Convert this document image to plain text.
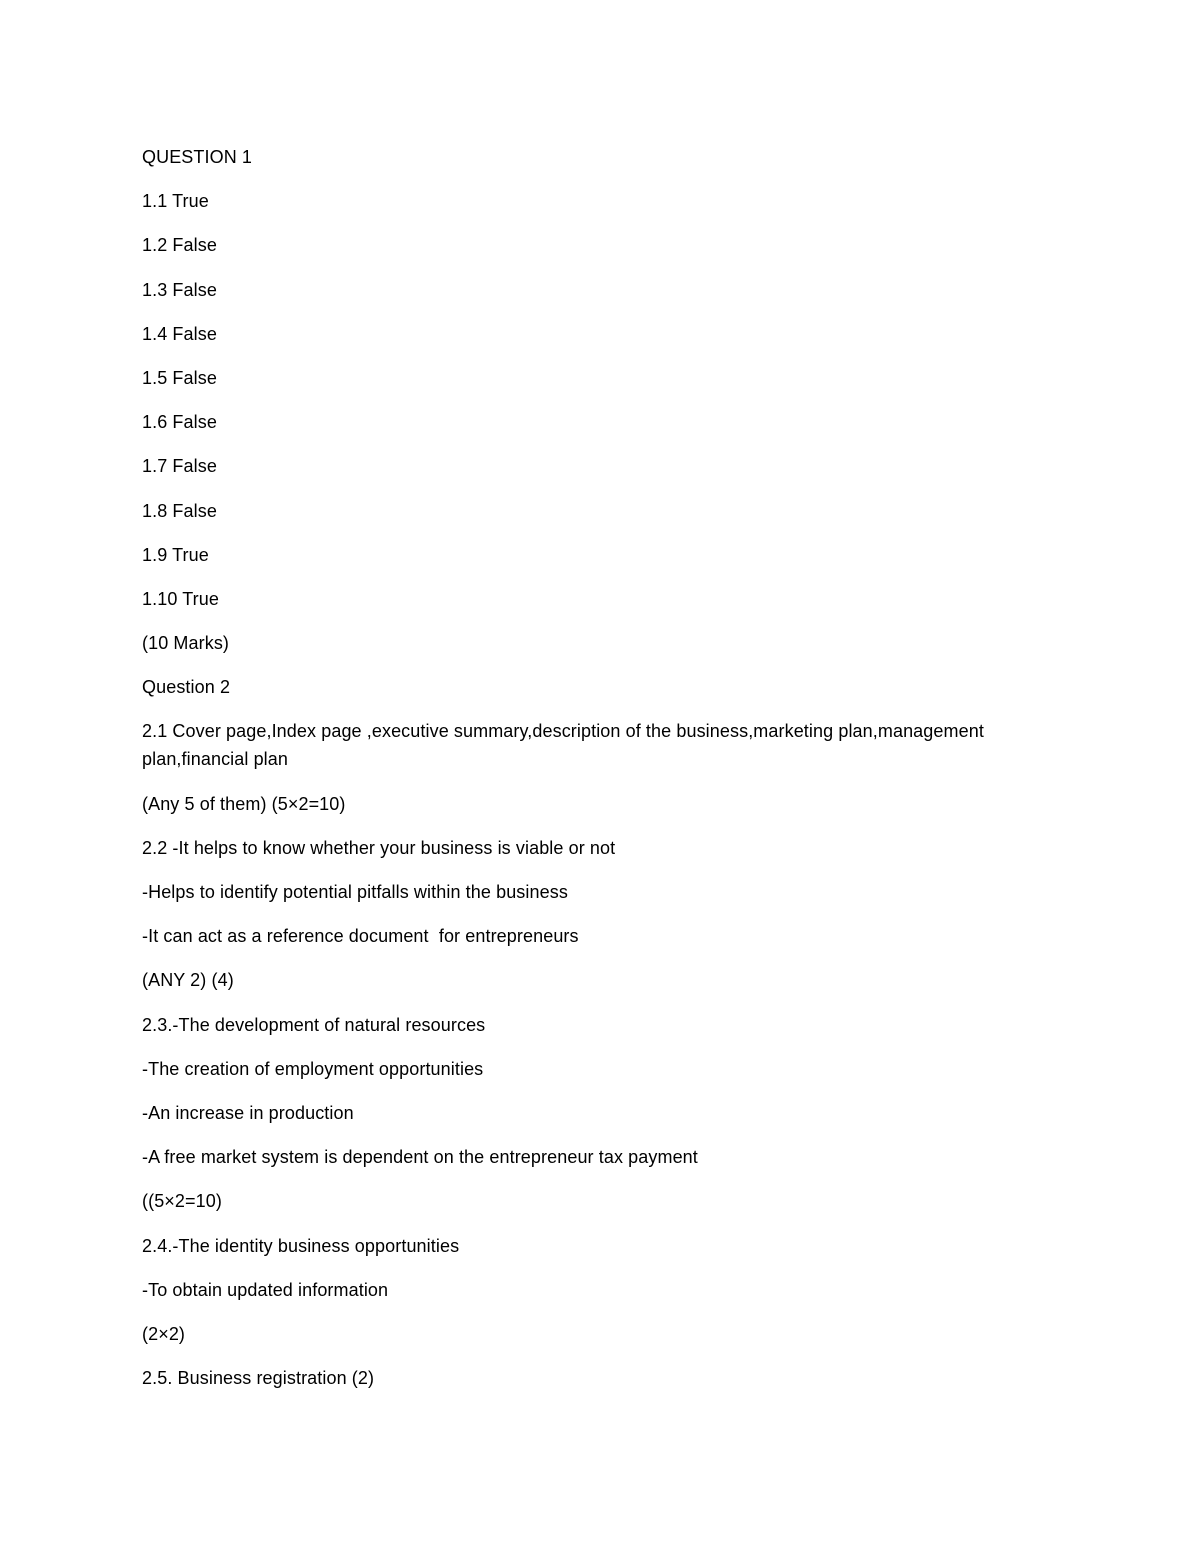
QUESTION 1

1.1 True

1.2 False

1.3 False

1.4 False

1.5 False

1.6 False

1.7 False

1.8 False

1.9 True

1.10 True

(10 Marks)

Question 2

2.1 Cover page,Index page ,executive summary,description of the business,marketing plan,management plan,financial plan

(Any 5 of them) (5×2=10)

2.2 -It helps to know whether your business is viable or not

-Helps to identify potential pitfalls within the business

-It can act as a reference document  for entrepreneurs

(ANY 2) (4)

2.3.-The development of natural resources

-The creation of employment opportunities

-An increase in production

-A free market system is dependent on the entrepreneur tax payment

((5×2=10)

2.4.-The identity business opportunities

-To obtain updated information

(2×2)

2.5. Business registration (2)
